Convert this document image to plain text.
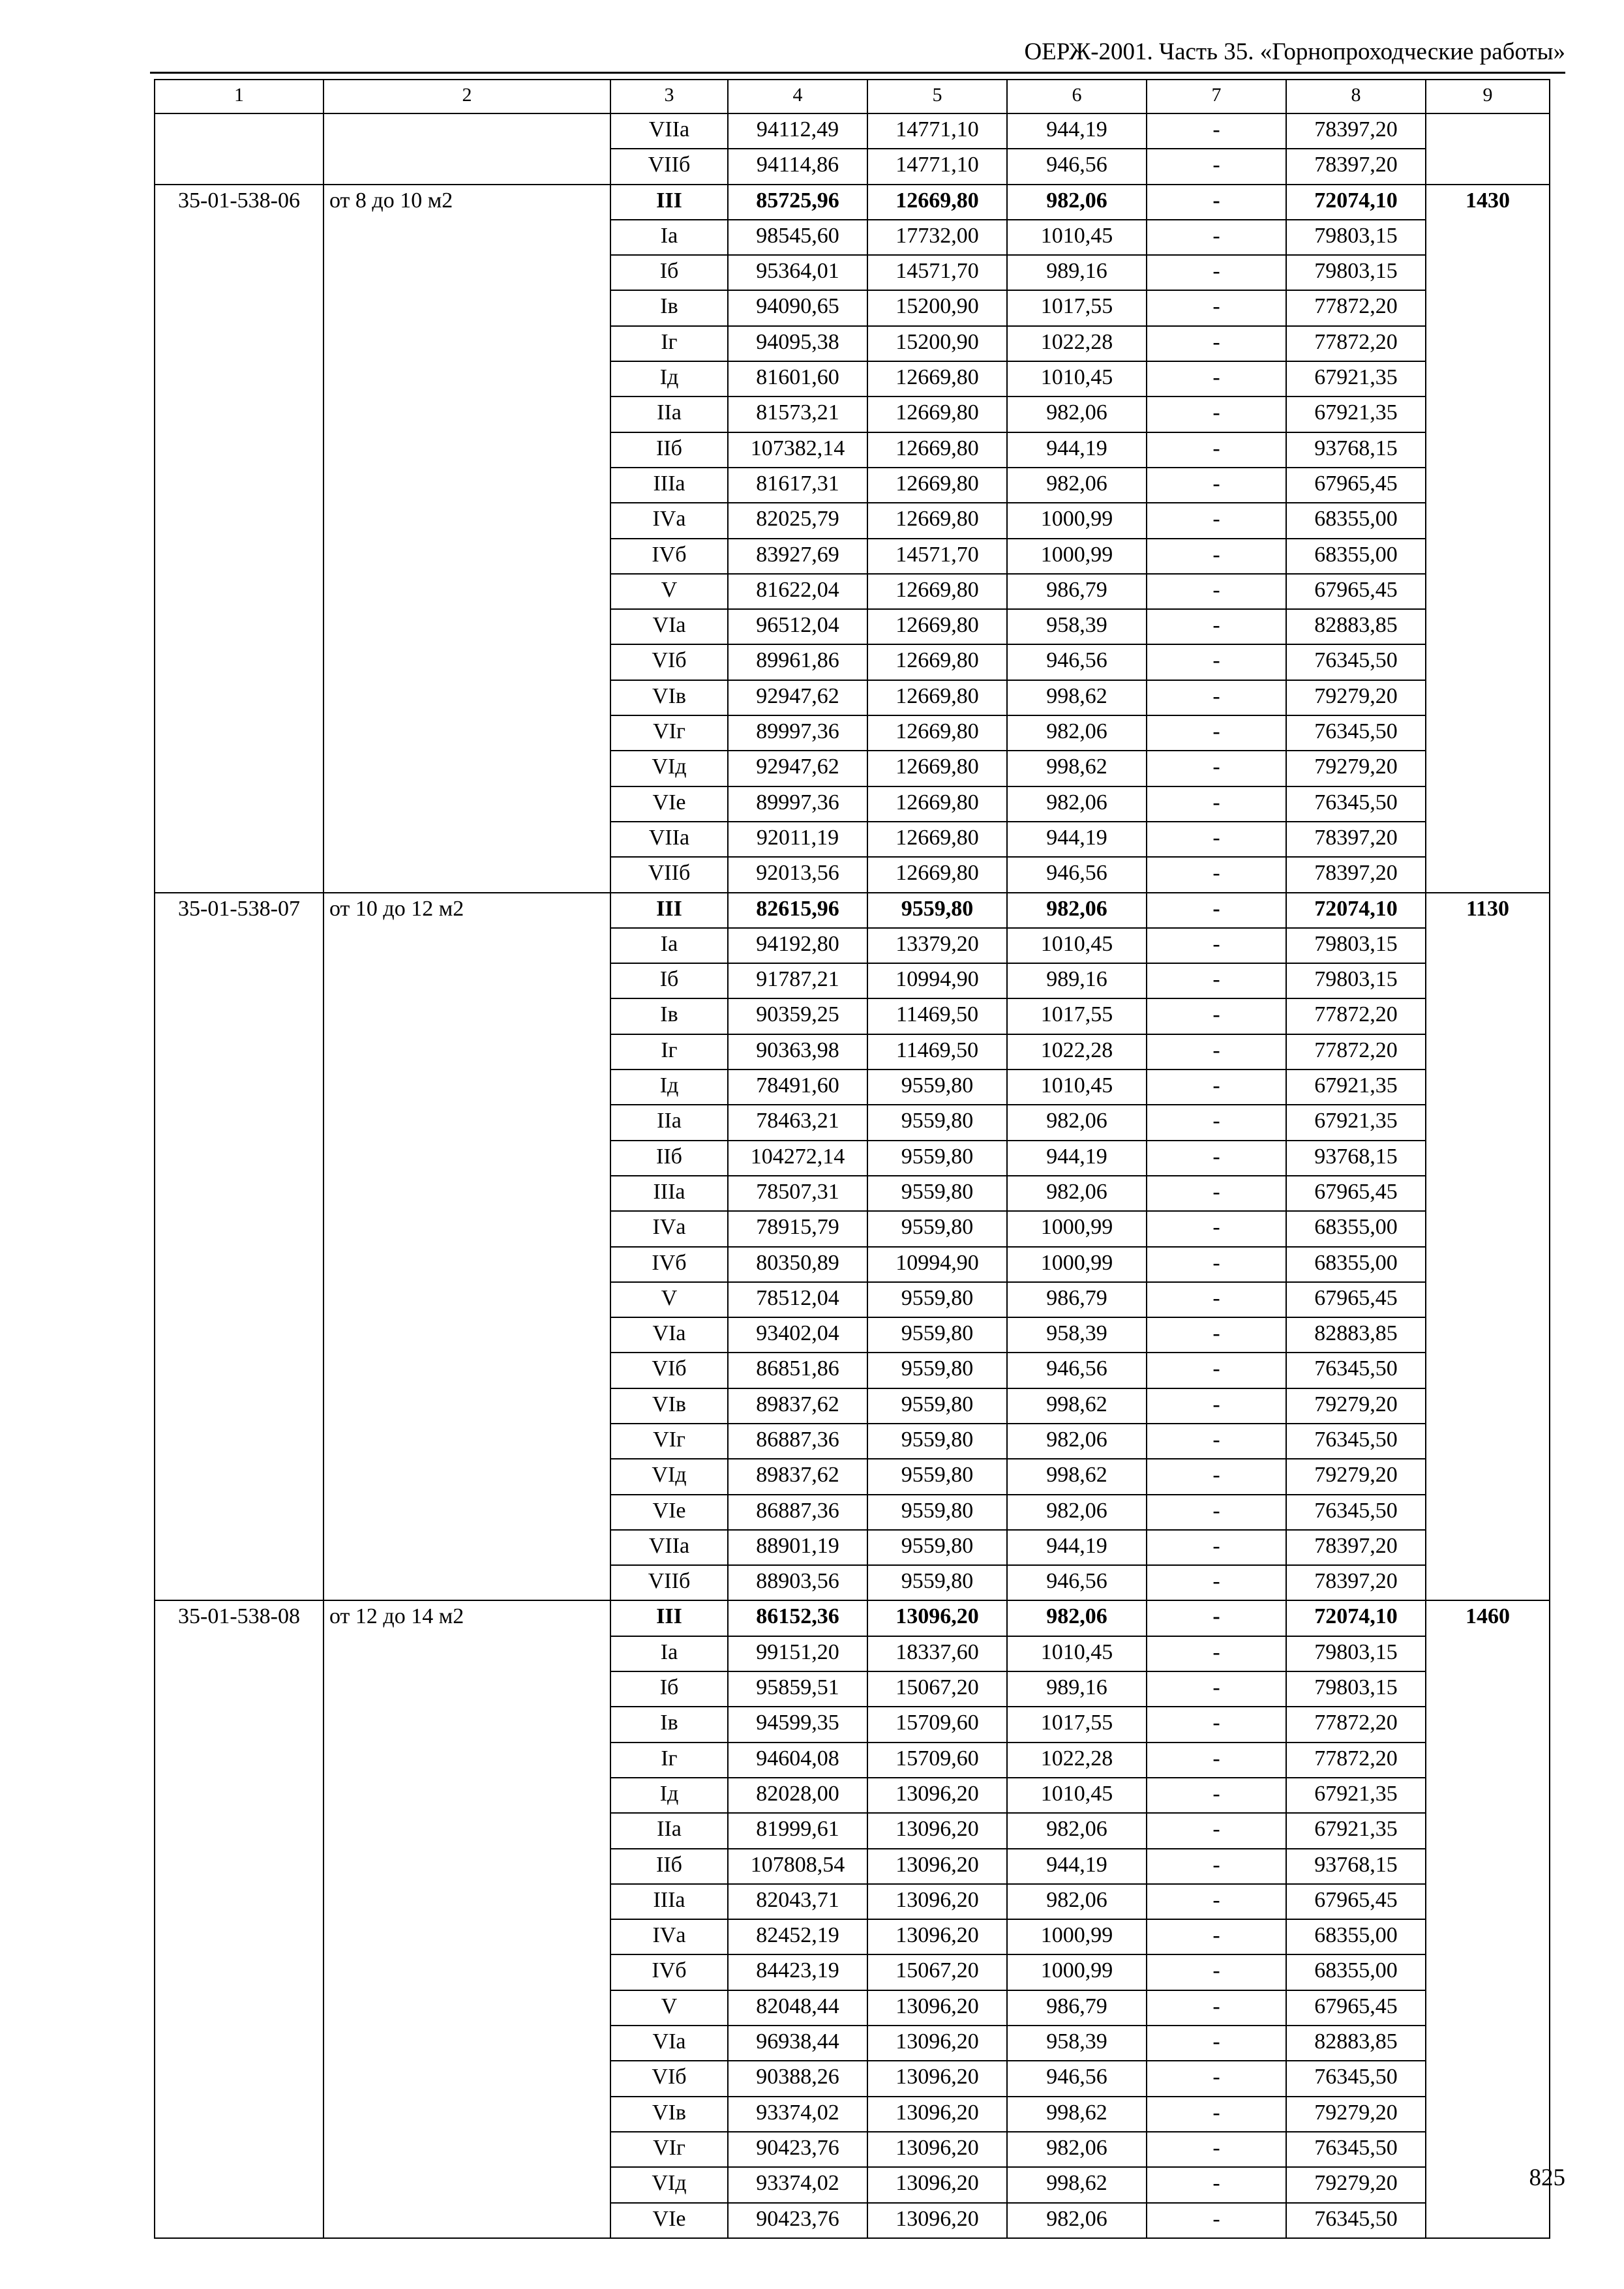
ОЕРЖ-2001. Часть 35. «Горнопроходческие работы»
1	2	3	4	5	6	7	8	9
		VIIа	94112,49	14771,10	944,19	-	78397,20	
		VIIб	94114,86	14771,10	946,56	-	78397,20	
35-01-538-06	от 8 до 10 м2	III	85725,96	12669,80	982,06	-	72074,10	1430
		Iа	98545,60	17732,00	1010,45	-	79803,15	
		Iб	95364,01	14571,70	989,16	-	79803,15	
		Iв	94090,65	15200,90	1017,55	-	77872,20	
		Iг	94095,38	15200,90	1022,28	-	77872,20	
		Iд	81601,60	12669,80	1010,45	-	67921,35	
		IIа	81573,21	12669,80	982,06	-	67921,35	
		IIб	107382,14	12669,80	944,19	-	93768,15	
		IIIа	81617,31	12669,80	982,06	-	67965,45	
		IVа	82025,79	12669,80	1000,99	-	68355,00	
		IVб	83927,69	14571,70	1000,99	-	68355,00	
		V	81622,04	12669,80	986,79	-	67965,45	
		VIа	96512,04	12669,80	958,39	-	82883,85	
		VIб	89961,86	12669,80	946,56	-	76345,50	
		VIв	92947,62	12669,80	998,62	-	79279,20	
		VIг	89997,36	12669,80	982,06	-	76345,50	
		VIд	92947,62	12669,80	998,62	-	79279,20	
		VIе	89997,36	12669,80	982,06	-	76345,50	
		VIIа	92011,19	12669,80	944,19	-	78397,20	
		VIIб	92013,56	12669,80	946,56	-	78397,20	
35-01-538-07	от 10 до 12 м2	III	82615,96	9559,80	982,06	-	72074,10	1130
		Iа	94192,80	13379,20	1010,45	-	79803,15	
		Iб	91787,21	10994,90	989,16	-	79803,15	
		Iв	90359,25	11469,50	1017,55	-	77872,20	
		Iг	90363,98	11469,50	1022,28	-	77872,20	
		Iд	78491,60	9559,80	1010,45	-	67921,35	
		IIа	78463,21	9559,80	982,06	-	67921,35	
		IIб	104272,14	9559,80	944,19	-	93768,15	
		IIIа	78507,31	9559,80	982,06	-	67965,45	
		IVа	78915,79	9559,80	1000,99	-	68355,00	
		IVб	80350,89	10994,90	1000,99	-	68355,00	
		V	78512,04	9559,80	986,79	-	67965,45	
		VIа	93402,04	9559,80	958,39	-	82883,85	
		VIб	86851,86	9559,80	946,56	-	76345,50	
		VIв	89837,62	9559,80	998,62	-	79279,20	
		VIг	86887,36	9559,80	982,06	-	76345,50	
		VIд	89837,62	9559,80	998,62	-	79279,20	
		VIе	86887,36	9559,80	982,06	-	76345,50	
		VIIа	88901,19	9559,80	944,19	-	78397,20	
		VIIб	88903,56	9559,80	946,56	-	78397,20	
35-01-538-08	от 12 до 14 м2	III	86152,36	13096,20	982,06	-	72074,10	1460
		Iа	99151,20	18337,60	1010,45	-	79803,15	
		Iб	95859,51	15067,20	989,16	-	79803,15	
		Iв	94599,35	15709,60	1017,55	-	77872,20	
		Iг	94604,08	15709,60	1022,28	-	77872,20	
		Iд	82028,00	13096,20	1010,45	-	67921,35	
		IIа	81999,61	13096,20	982,06	-	67921,35	
		IIб	107808,54	13096,20	944,19	-	93768,15	
		IIIа	82043,71	13096,20	982,06	-	67965,45	
		IVа	82452,19	13096,20	1000,99	-	68355,00	
		IVб	84423,19	15067,20	1000,99	-	68355,00	
		V	82048,44	13096,20	986,79	-	67965,45	
		VIа	96938,44	13096,20	958,39	-	82883,85	
		VIб	90388,26	13096,20	946,56	-	76345,50	
		VIв	93374,02	13096,20	998,62	-	79279,20	
		VIг	90423,76	13096,20	982,06	-	76345,50	
		VIд	93374,02	13096,20	998,62	-	79279,20	
		VIе	90423,76	13096,20	982,06	-	76345,50	
825
